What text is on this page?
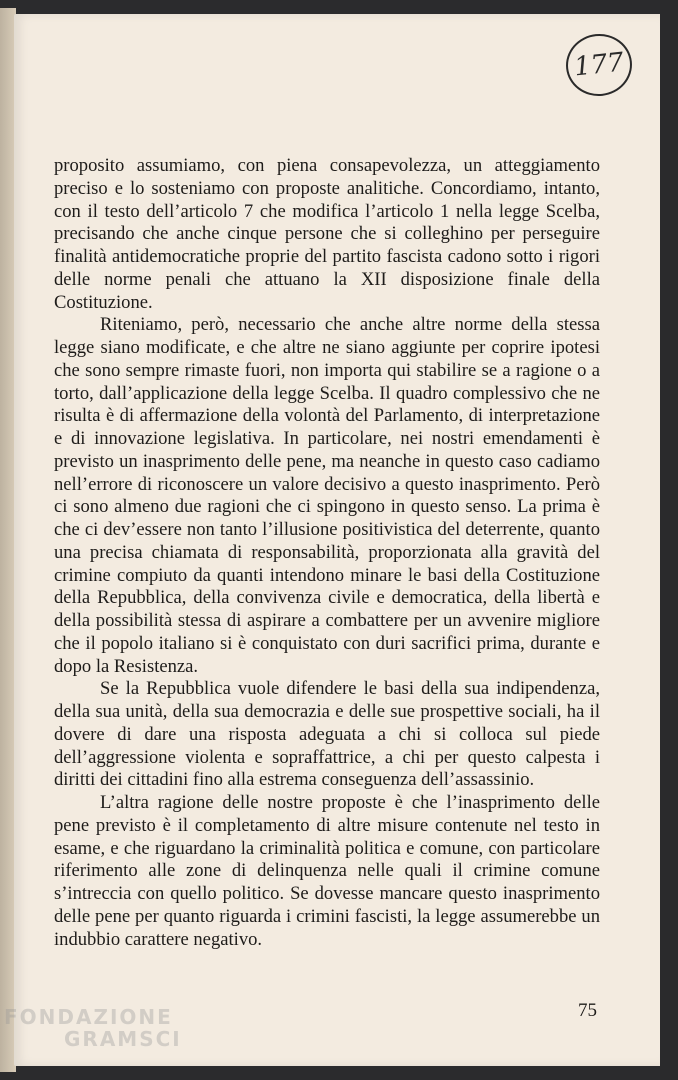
177

proposito assumiamo, con piena consapevolezza, un atteggiamento preciso e lo sosteniamo con proposte analitiche. Concordiamo, intanto, con il testo dell’articolo 7 che modifica l’articolo 1 nella legge Scelba, precisando che anche cinque persone che si colleghino per perseguire finalità antidemocratiche proprie del partito fascista cadono sotto i rigori delle norme penali che attuano la XII disposizione finale della Costituzione.

Riteniamo, però, necessario che anche altre norme della stessa legge siano modificate, e che altre ne siano aggiunte per coprire ipotesi che sono sempre rimaste fuori, non importa qui stabilire se a ragione o a torto, dall’applicazione della legge Scelba. Il quadro complessivo che ne risulta è di affermazione della volontà del Parlamento, di interpretazione e di innovazione legislativa. In particolare, nei nostri emendamenti è previsto un inasprimento delle pene, ma neanche in questo caso cadiamo nell’errore di riconoscere un valore decisivo a questo inasprimento. Però ci sono almeno due ragioni che ci spingono in questo senso. La prima è che ci dev’essere non tanto l’illusione positivistica del deterrente, quanto una precisa chiamata di responsabilità, proporzionata alla gravità del crimine compiuto da quanti intendono minare le basi della Costituzione della Repubblica, della convivenza civile e democratica, della libertà e della possibilità stessa di aspirare a combattere per un avvenire migliore che il popolo italiano si è conquistato con duri sacrifici prima, durante e dopo la Resistenza.

Se la Repubblica vuole difendere le basi della sua indipendenza, della sua unità, della sua democrazia e delle sue prospettive sociali, ha il dovere di dare una risposta adeguata a chi si colloca sul piede dell’aggressione violenta e sopraffattrice, a chi per questo calpesta i diritti dei cittadini fino alla estrema conseguenza dell’assassinio.

L’altra ragione delle nostre proposte è che l’inasprimento delle pene previsto è il completamento di altre misure contenute nel testo in esame, e che riguardano la criminalità politica e comune, con particolare riferimento alle zone di delinquenza nelle quali il crimine comune s’intreccia con quello politico. Se dovesse mancare questo inasprimento delle pene per quanto riguarda i crimini fascisti, la legge assumerebbe un indubbio carattere negativo.

75
FONDAZIONE
GRAMSCI
